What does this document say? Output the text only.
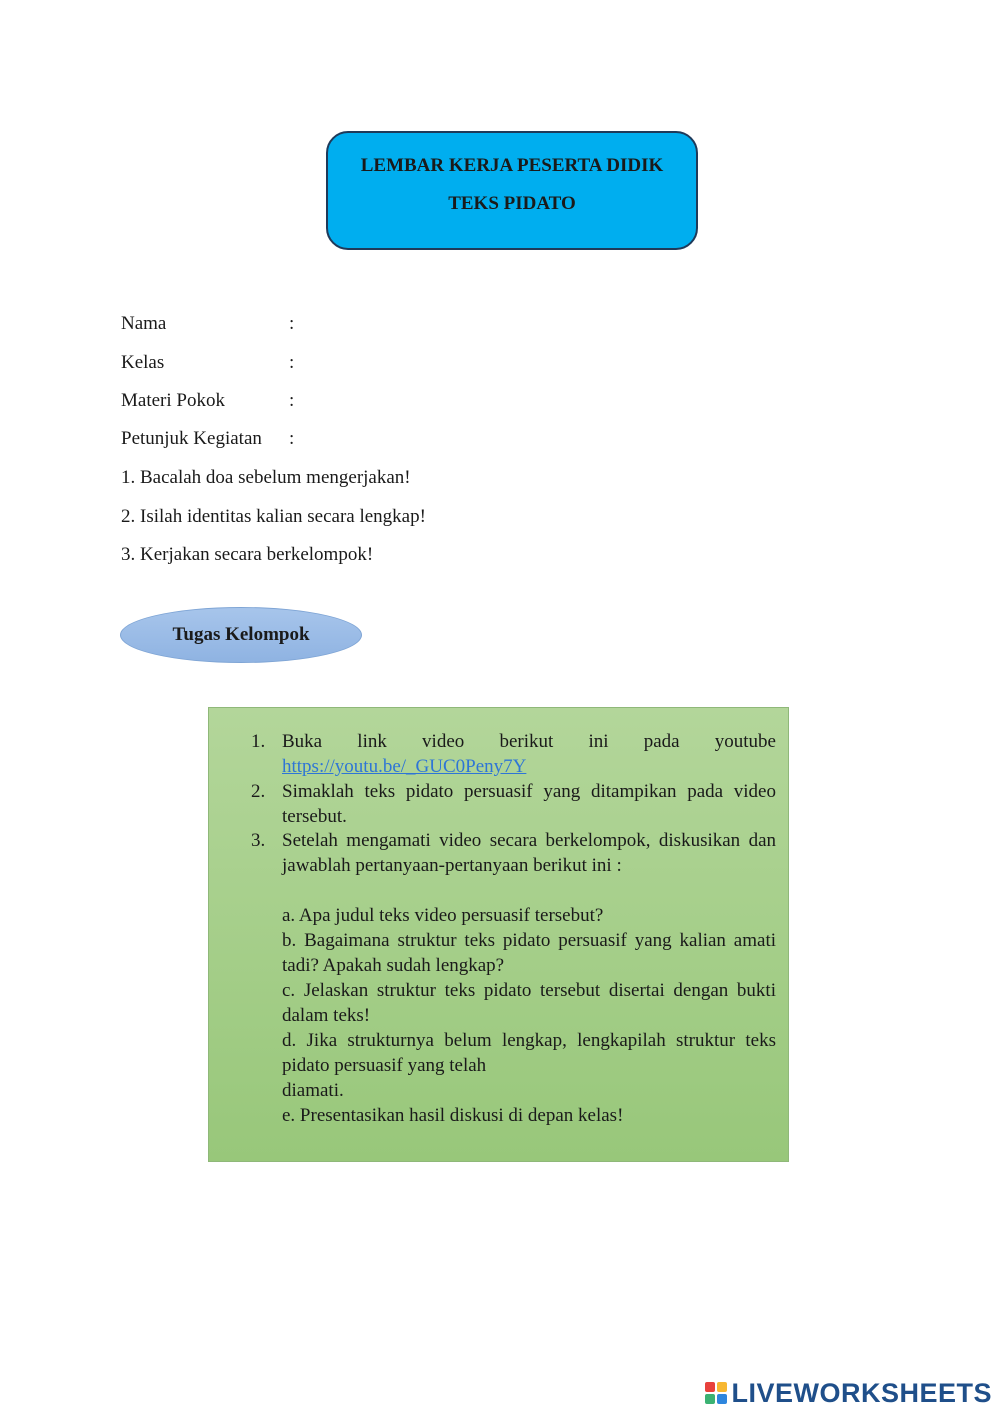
LEMBAR KERJA PESERTA DIDIK
TEKS PIDATO
Nama	:
Kelas	:
Materi Pokok	:
Petunjuk Kegiatan :
1. Bacalah doa sebelum mengerjakan!
2. Isilah identitas kalian secara lengkap!
3. Kerjakan secara berkelompok!
Tugas Kelompok
1. Buka link video berikut ini pada youtube
https://youtu.be/_GUC0Peny7Y
2. Simaklah teks pidato persuasif yang ditampikan pada video tersebut.
3. Setelah mengamati video secara berkelompok, diskusikan dan jawablah pertanyaan-pertanyaan berikut ini :
a. Apa judul teks video persuasif tersebut?
b. Bagaimana struktur teks pidato persuasif yang kalian amati tadi? Apakah sudah lengkap?
c. Jelaskan struktur teks pidato tersebut disertai dengan bukti dalam teks!
d. Jika strukturnya belum lengkap, lengkapilah struktur teks pidato persuasif yang telah
diamati.
e. Presentasikan hasil diskusi di depan kelas!
LIVEWORKSHEETS
